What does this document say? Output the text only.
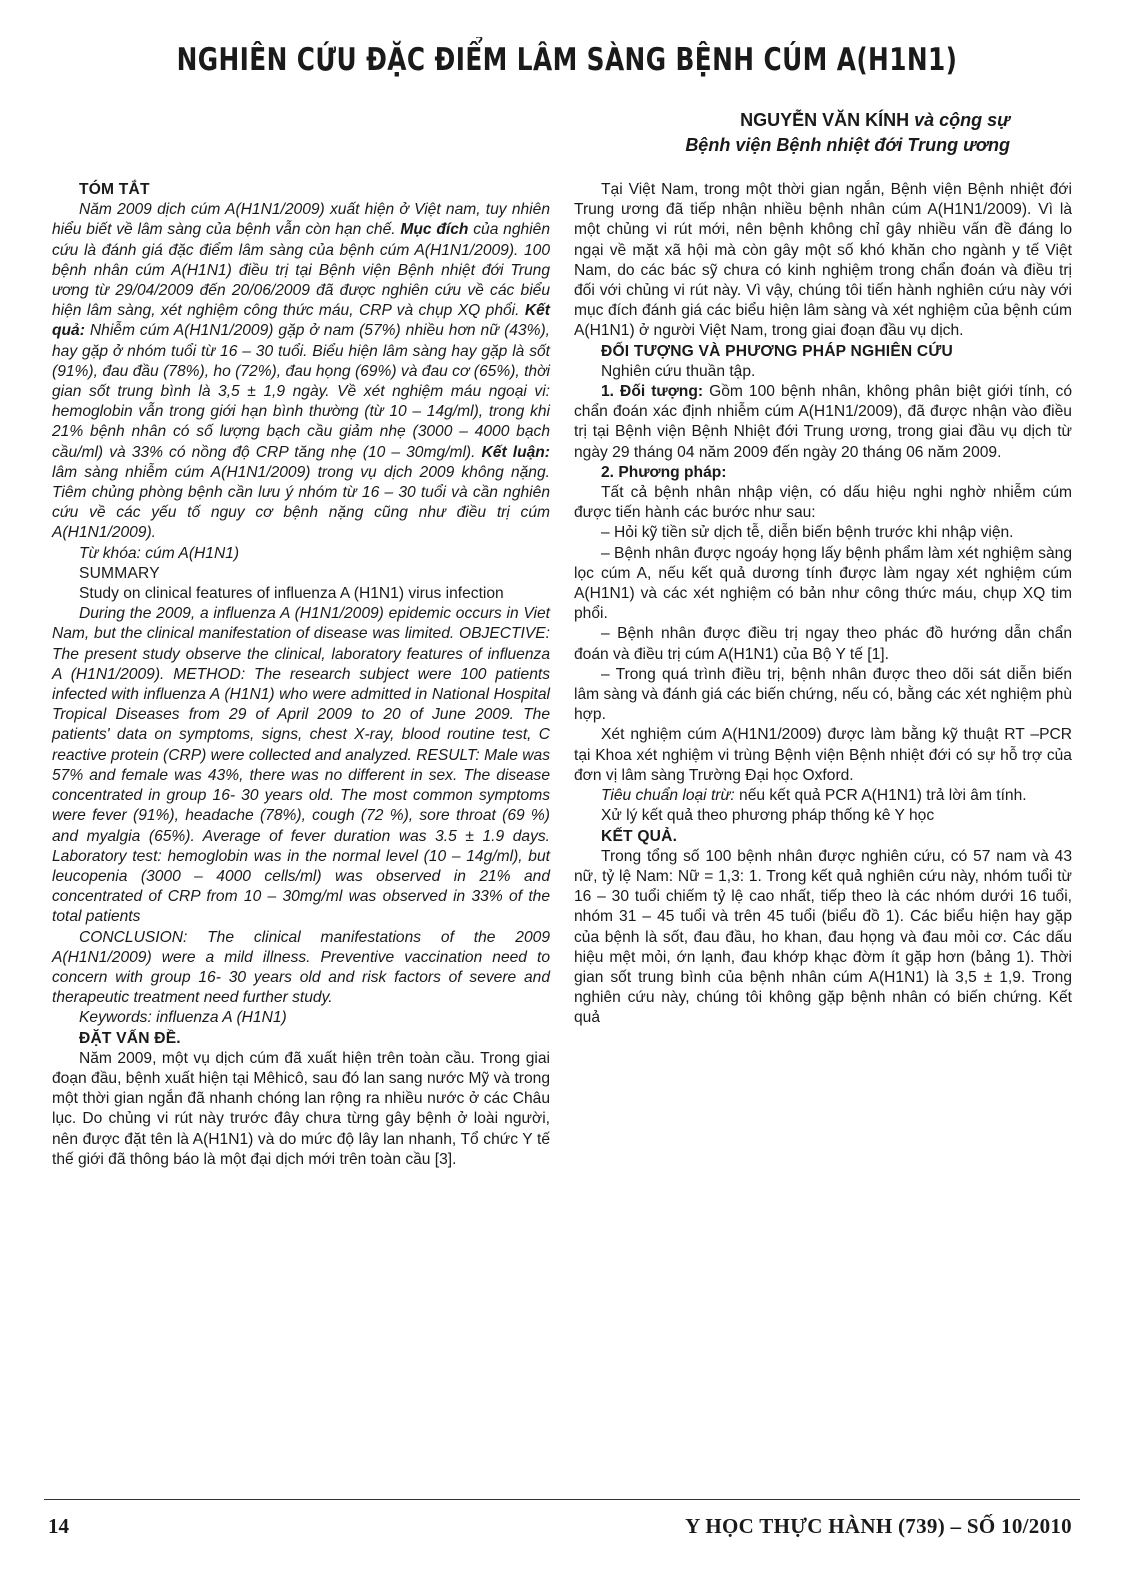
NGHIÊN CỨU ĐẶC ĐIỂM LÂM SÀNG BỆNH CÚM A(H1N1)
NGUYỄN VĂN KÍNH và cộng sự
Bệnh viện Bệnh nhiệt đới Trung ương
TÓM TẮT

Năm 2009 dịch cúm A(H1N1/2009) xuất hiện ở Việt nam, tuy nhiên hiểu biết về lâm sàng của bệnh vẫn còn hạn chế. Mục đích của nghiên cứu là đánh giá đặc điểm lâm sàng của bệnh cúm A(H1N1/2009). 100 bệnh nhân cúm A(H1N1) điều trị tại Bệnh viện Bệnh nhiệt đới Trung ương từ 29/04/2009 đến 20/06/2009 đã được nghiên cứu về các biểu hiện lâm sàng, xét nghiệm công thức máu, CRP và chụp XQ phổi. Kết quả: Nhiễm cúm A(H1N1/2009) gặp ở nam (57%) nhiều hơn nữ (43%), hay gặp ở nhóm tuổi từ 16 – 30 tuổi. Biểu hiện lâm sàng hay gặp là sốt (91%), đau đầu (78%), ho (72%), đau họng (69%) và đau cơ (65%), thời gian sốt trung bình là 3,5 ± 1,9 ngày. Về xét nghiệm máu ngoại vi: hemoglobin vẫn trong giới hạn bình thường (từ 10 – 14g/ml), trong khi 21% bệnh nhân có số lượng bạch cầu giảm nhẹ (3000 – 4000 bạch cầu/ml) và 33% có nồng độ CRP tăng nhẹ (10 – 30mg/ml). Kết luận: lâm sàng nhiễm cúm A(H1N1/2009) trong vụ dịch 2009 không nặng. Tiêm chủng phòng bệnh cần lưu ý nhóm từ 16 – 30 tuổi và cần nghiên cứu về các yếu tố nguy cơ bệnh nặng cũng như điều trị cúm A(H1N1/2009).

Từ khóa: cúm A(H1N1)

SUMMARY

Study on clinical features of influenza A (H1N1) virus infection

During the 2009, a influenza A (H1N1/2009) epidemic occurs in Viet Nam, but the clinical manifestation of disease was limited. OBJECTIVE: The present study observe the clinical, laboratory features of influenza A (H1N1/2009). METHOD: The research subject were 100 patients infected with influenza A (H1N1) who were admitted in National Hospital Tropical Diseases from 29 of April 2009 to 20 of June 2009. The patients' data on symptoms, signs, chest X-ray, blood routine test, C reactive protein (CRP) were collected and analyzed. RESULT: Male was 57% and female was 43%, there was no different in sex. The disease concentrated in group 16- 30 years old. The most common symptoms were fever (91%), headache (78%), cough (72 %), sore throat (69 %) and myalgia (65%). Average of fever duration was 3.5 ± 1.9 days. Laboratory test: hemoglobin was in the normal level (10 – 14g/ml), but leucopenia (3000 – 4000 cells/ml) was observed in 21% and concentrated of CRP from 10 – 30mg/ml was observed in 33% of the total patients

CONCLUSION: The clinical manifestations of the 2009 A(H1N1/2009) were a mild illness. Preventive vaccination need to concern with group 16- 30 years old and risk factors of severe and therapeutic treatment need further study.

Keywords: influenza A (H1N1)

ĐẶT VẤN ĐỀ.

Năm 2009, một vụ dịch cúm đã xuất hiện trên toàn cầu. Trong giai đoạn đầu, bệnh xuất hiện tại Mêhicô, sau đó lan sang nước Mỹ và trong một thời gian ngắn đã nhanh chóng lan rộng ra nhiều nước ở các Châu lục. Do chủng vi rút này trước đây chưa từng gây bệnh ở loài người, nên được đặt tên là A(H1N1) và do mức độ lây lan nhanh, Tổ chức Y tế thế giới đã thông báo là một đại dịch mới trên toàn cầu [3].

Tại Việt Nam, trong một thời gian ngắn, Bệnh viện Bệnh nhiệt đới Trung ương đã tiếp nhận nhiều bệnh nhân cúm A(H1N1/2009). Vì là một chủng vi rút mới, nên bệnh không chỉ gây nhiều vấn đề đáng lo ngại về mặt xã hội mà còn gây một số khó khăn cho ngành y tế Việt Nam, do các bác sỹ chưa có kinh nghiệm trong chẩn đoán và điều trị đối với chủng vi rút này. Vì vậy, chúng tôi tiến hành nghiên cứu này với mục đích đánh giá các biểu hiện lâm sàng và xét nghiệm của bệnh cúm A(H1N1) ở người Việt Nam, trong giai đoạn đầu vụ dịch.

ĐỐI TƯỢNG VÀ PHƯƠNG PHÁP NGHIÊN CỨU

Nghiên cứu thuần tập.

1. Đối tượng: Gồm 100 bệnh nhân, không phân biệt giới tính, có chẩn đoán xác định nhiễm cúm A(H1N1/2009), đã được nhận vào điều trị tại Bệnh viện Bệnh Nhiệt đới Trung ương, trong giai đầu vụ dịch từ ngày 29 tháng 04 năm 2009 đến ngày 20 tháng 06 năm 2009.

2. Phương pháp:

Tất cả bệnh nhân nhập viện, có dấu hiệu nghi nghờ nhiễm cúm được tiến hành các bước như sau:

– Hỏi kỹ tiền sử dịch tễ, diễn biến bệnh trước khi nhập viện.

– Bệnh nhân được ngoáy họng lấy bệnh phẩm làm xét nghiệm sàng lọc cúm A, nếu kết quả dương tính được làm ngay xét nghiệm cúm A(H1N1) và các xét nghiệm có bản như công thức máu, chụp XQ tim phổi.

– Bệnh nhân được điều trị ngay theo phác đồ hướng dẫn chẩn đoán và điều trị cúm A(H1N1) của Bộ Y tế [1].

– Trong quá trình điều trị, bệnh nhân được theo dõi sát diễn biến lâm sàng và đánh giá các biến chứng, nếu có, bằng các xét nghiệm phù hợp.

Xét nghiệm cúm A(H1N1/2009) được làm bằng kỹ thuật RT –PCR tại Khoa xét nghiệm vi trùng Bệnh viện Bệnh nhiệt đới có sự hỗ trợ của đơn vị lâm sàng Trường Đại học Oxford.

Tiêu chuẩn loại trừ: nếu kết quả PCR A(H1N1) trả lời âm tính.

Xử lý kết quả theo phương pháp thống kê Y học

KẾT QUẢ.

Trong tổng số 100 bệnh nhân được nghiên cứu, có 57 nam và 43 nữ, tỷ lệ Nam: Nữ = 1,3: 1. Trong kết quả nghiên cứu này, nhóm tuổi từ 16 – 30 tuổi chiếm tỷ lệ cao nhất, tiếp theo là các nhóm dưới 16 tuổi, nhóm 31 – 45 tuổi và trên 45 tuổi (biểu đồ 1). Các biểu hiện hay gặp của bệnh là sốt, đau đầu, ho khan, đau họng và đau mỏi cơ. Các dấu hiệu mệt mỏi, ớn lạnh, đau khớp khạc đờm ít gặp hơn (bảng 1). Thời gian sốt trung bình của bệnh nhân cúm A(H1N1) là 3,5 ± 1,9. Trong nghiên cứu này, chúng tôi không gặp bệnh nhân có biến chứng. Kết quả

14	Y HỌC THỰC HÀNH (739) – SỐ 10/2010
